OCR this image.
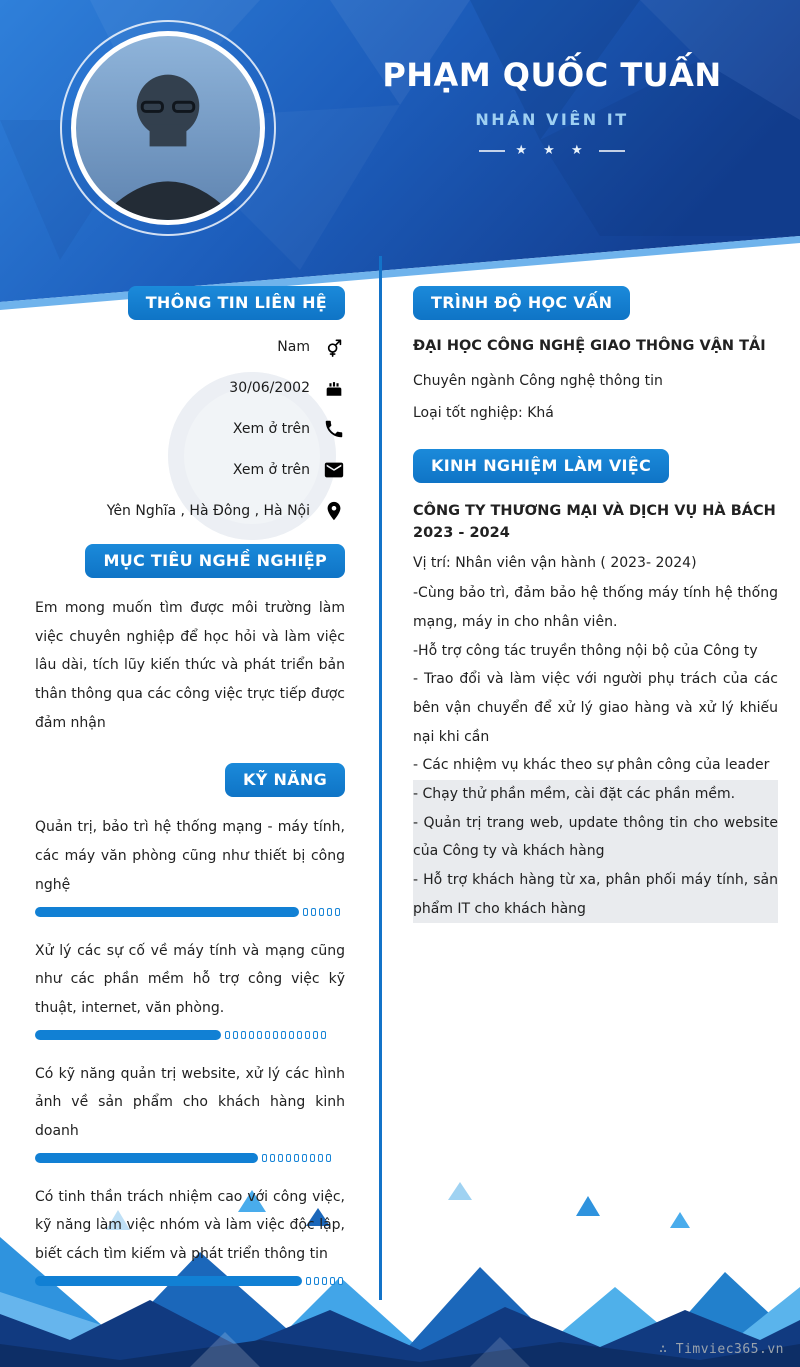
PHẠM QUỐC TUẤN
NHÂN VIÊN IT
★ ★ ★
THÔNG TIN LIÊN HỆ
Nam
30/06/2002
Xem ở trên
Xem ở trên
Yên Nghĩa , Hà Đông , Hà Nội
MỤC TIÊU NGHỀ NGHIỆP

Em mong muốn tìm được môi trường làm việc chuyên nghiệp để học hỏi và làm việc lâu dài, tích lũy kiến thức và phát triển bản thân thông qua các công việc trực tiếp được đảm nhận

KỸ NĂNG

Quản trị, bảo trì hệ thống mạng - máy tính, các máy văn phòng cũng như thiết bị công nghệ

Xử lý các sự cố về máy tính và mạng cũng như các phần mềm hỗ trợ công việc kỹ thuật, internet, văn phòng.

Có kỹ năng quản trị website, xử lý các hình ảnh về sản phẩm cho khách hàng kinh doanh

Có tinh thần trách nhiệm cao với công việc, kỹ năng làm việc nhóm và làm việc độc lập, biết cách tìm kiếm và phát triển thông tin

TRÌNH ĐỘ HỌC VẤN
ĐẠI HỌC CÔNG NGHỆ GIAO THÔNG VẬN TẢI
Chuyên ngành Công nghệ thông tin
Loại tốt nghiệp: Khá
KINH NGHIỆM LÀM VIỆC
CÔNG TY THƯƠNG MẠI VÀ DỊCH VỤ HÀ BÁCH
2023 - 2024
Vị trí: Nhân viên vận hành ( 2023- 2024)

-Cùng bảo trì, đảm bảo hệ thống máy tính hệ thống mạng, máy in cho nhân viên.

-Hỗ trợ công tác truyền thông nội bộ của Công ty

- Trao đổi và làm việc với người phụ trách của các bên vận chuyển để xử lý giao hàng và xử lý khiếu nại khi cần

- Các nhiệm vụ khác theo sự phân công của leader

- Chạy thử phần mềm, cài đặt các phần mềm.

- Quản trị trang web, update thông tin cho website của Công ty và khách hàng

- Hỗ trợ khách hàng từ xa, phân phối máy tính, sản phẩm IT cho khách hàng

∴ Timviec365.vn
